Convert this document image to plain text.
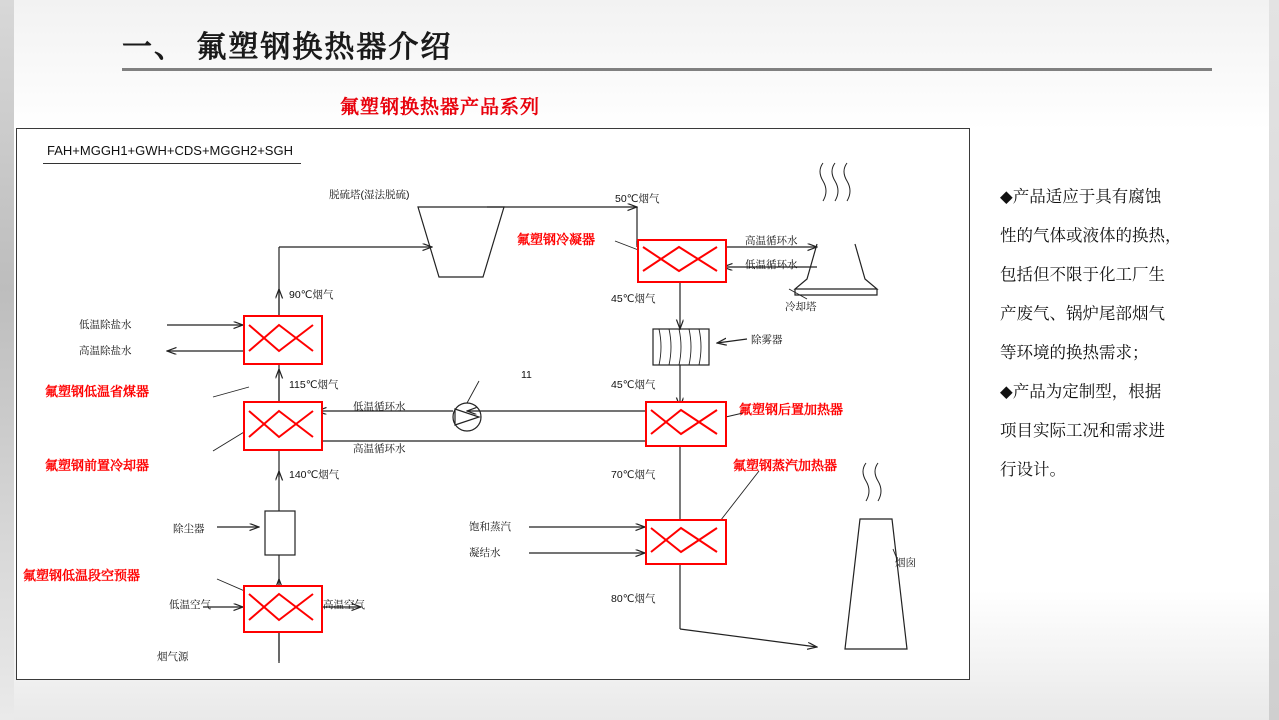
一、 氟塑钢换热器介绍
氟塑钢换热器产品系列
FAH+MGGH1+GWH+CDS+MGGH2+SGH
脱硫塔(湿法脱硫)
冷却塔
除雾器
除尘器
烟囱
11
50℃烟气
90℃烟气	45℃烟气
45℃烟气
115℃烟气
140℃烟气	70℃烟气
80℃烟气
高温循环水
低温循环水
低温除盐水
高温除盐水
低温循环水
高温循环水
饱和蒸汽
凝结水
低温空气	高温空气
烟气源
氟塑钢冷凝器
氟塑钢低温省煤器
氟塑钢前置冷却器
氟塑钢后置加热器
氟塑钢蒸汽加热器
氟塑钢低温段空预器
◆产品适应于具有腐蚀
性的气体或液体的换热，
包括但不限于化工厂生
产废气、锅炉尾部烟气
等环境的换热需求；
◆产品为定制型，根据
项目实际工况和需求进
行设计。
